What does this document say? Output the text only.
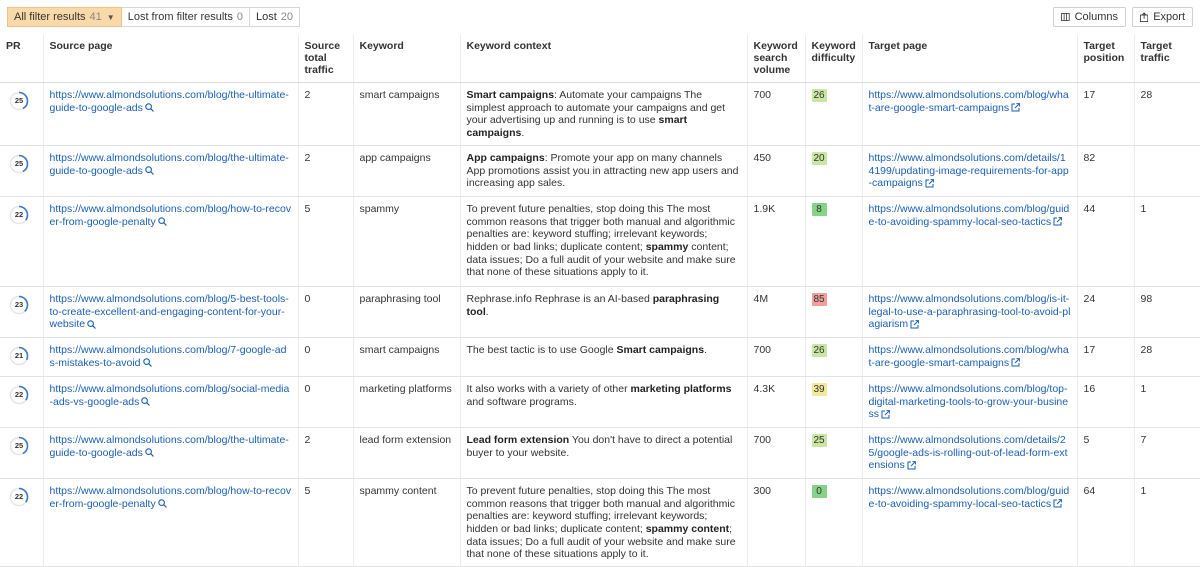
All filter results 41 ▼ Lost from filter results 0 Lost 20	Columns	Export
PR	Source page	Source total traffic	Keyword	Keyword context	Keyword search volume	Keyword difficulty	Target page	Target position	Target traffic

25	https://www.almondsolutions.com/blog/the-ultimate-guide-to-google-ads	2	smart campaigns	Smart campaigns: Automate your campaigns The simplest approach to automate your campaigns and get your advertising up and running is to use smart campaigns.	700	26	https://www.almondsolutions.com/blog/what-are-google-smart-campaigns	17	28

25	https://www.almondsolutions.com/blog/the-ultimate-guide-to-google-ads	2	app campaigns	App campaigns: Promote your app on many channels App promotions assist you in attracting new app users and increasing app sales.	450	20	https://www.almondsolutions.com/details/14199/updating-image-requirements-for-app-campaigns	82	

22	https://www.almondsolutions.com/blog/how-to-recover-from-google-penalty	5	spammy	To prevent future penalties, stop doing this The most common reasons that trigger both manual and algorithmic penalties are: keyword stuffing; irrelevant keywords; hidden or bad links; duplicate content; spammy content; data issues; Do a full audit of your website and make sure that none of these situations apply to it.	1.9K	8	https://www.almondsolutions.com/blog/guide-to-avoiding-spammy-local-seo-tactics	44	1

23	https://www.almondsolutions.com/blog/5-best-tools-to-create-excellent-and-engaging-content-for-your-website	0	paraphrasing tool	Rephrase.info Rephrase is an AI-based paraphrasing tool.	4M	85	https://www.almondsolutions.com/blog/is-it-legal-to-use-a-paraphrasing-tool-to-avoid-plagiarism	24	98

21	https://www.almondsolutions.com/blog/7-google-ads-mistakes-to-avoid	0	smart campaigns	The best tactic is to use Google Smart campaigns.	700	26	https://www.almondsolutions.com/blog/what-are-google-smart-campaigns	17	28

22	https://www.almondsolutions.com/blog/social-media-ads-vs-google-ads	0	marketing platforms	It also works with a variety of other marketing platforms and software programs.	4.3K	39	https://www.almondsolutions.com/blog/top-digital-marketing-tools-to-grow-your-business	16	1

25	https://www.almondsolutions.com/blog/the-ultimate-guide-to-google-ads	2	lead form extension	Lead form extension You don't have to direct a potential buyer to your website.	700	25	https://www.almondsolutions.com/details/25/google-ads-is-rolling-out-of-lead-form-extensions	5	7

22	https://www.almondsolutions.com/blog/how-to-recover-from-google-penalty	5	spammy content	To prevent future penalties, stop doing this The most common reasons that trigger both manual and algorithmic penalties are: keyword stuffing; irrelevant keywords; hidden or bad links; duplicate content; spammy content; data issues; Do a full audit of your website and make sure that none of these situations apply to it.	300	0	https://www.almondsolutions.com/blog/guide-to-avoiding-spammy-local-seo-tactics	64	1
